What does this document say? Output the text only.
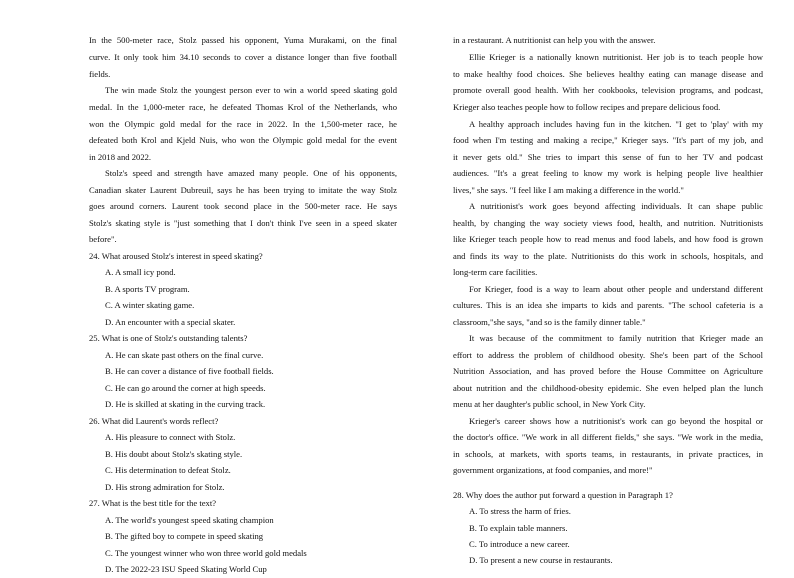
In the 500-meter race, Stolz passed his opponent, Yuma Murakami, on the final
curve. It only took him 34.10 seconds to cover a distance longer than five football
fields.
The win made Stolz the youngest person ever to win a world speed skating gold
medal. In the 1,000-meter race, he defeated Thomas Krol of the Netherlands, who
won the Olympic gold medal for the race in 2022. In the 1,500-meter race, he
defeated both Krol and Kjeld Nuis, who won the Olympic gold medal for the event
in 2018 and 2022.
Stolz's speed and strength have amazed many people. One of his opponents,
Canadian skater Laurent Dubreuil, says he has been trying to imitate the way Stolz
goes around corners. Laurent took second place in the 500-meter race. He says
Stolz's skating style is "just something that I don't think I've seen in a speed skater
before".
24. What aroused Stolz's interest in speed skating?
A. A small icy pond.
B. A sports TV program.
C. A winter skating game.
D. An encounter with a special skater.
25. What is one of Stolz's outstanding talents?
A. He can skate past others on the final curve.
B. He can cover a distance of five football fields.
C. He can go around the corner at high speeds.
D. He is skilled at skating in the curving track.
26. What did Laurent's words reflect?
A. His pleasure to connect with Stolz.
B. His doubt about Stolz's skating style.
C. His determination to defeat Stolz.
D. His strong admiration for Stolz.
27. What is the best title for the text?
A. The world's youngest speed skating champion
B. The gifted boy to compete in speed skating
C. The youngest winner who won three world gold medals
D. The 2022-23 ISU Speed Skating World Cup
in a restaurant. A nutritionist can help you with the answer.
Ellie Krieger is a nationally known nutritionist. Her job is to teach people how
to make healthy food choices. She believes healthy eating can manage disease and
promote overall good health. With her cookbooks, television programs, and podcast,
Krieger also teaches people how to follow recipes and prepare delicious food.
A healthy approach includes having fun in the kitchen. "I get to 'play' with my
food when I'm testing and making a recipe," Krieger says. "It's part of my job, and
it never gets old." She tries to impart this sense of fun to her TV and podcast
audiences. "It's a great feeling to know my work is helping people live healthier
lives," she says. "I feel like I am making a difference in the world."
A nutritionist's work goes beyond affecting individuals. It can shape public
health, by changing the way society views food, health, and nutrition. Nutritionists
like Krieger teach people how to read menus and food labels, and how food is grown
and finds its way to the plate. Nutritionists do this work in schools, hospitals, and
long-term care facilities.
For Krieger, food is a way to learn about other people and understand different
cultures. This is an idea she imparts to kids and parents. "The school cafeteria is a
classroom,"she says, "and so is the family dinner table."
It was because of the commitment to family nutrition that Krieger made an
effort to address the problem of childhood obesity. She's been part of the School
Nutrition Association, and has proved before the House Committee on Agriculture
about nutrition and the childhood-obesity epidemic. She even helped plan the lunch
menu at her daughter's public school, in New York City.
Krieger's career shows how a nutritionist's work can go beyond the hospital or
the doctor's office. "We work in all different fields," she says. "We work in the media,
in schools, at markets, with sports teams, in restaurants, in private practices, in
government organizations, at food companies, and more!"
28. Why does the author put forward a question in Paragraph 1?
A. To stress the harm of fries.
B. To explain table manners.
C. To introduce a new career.
D. To present a new course in restaurants.
